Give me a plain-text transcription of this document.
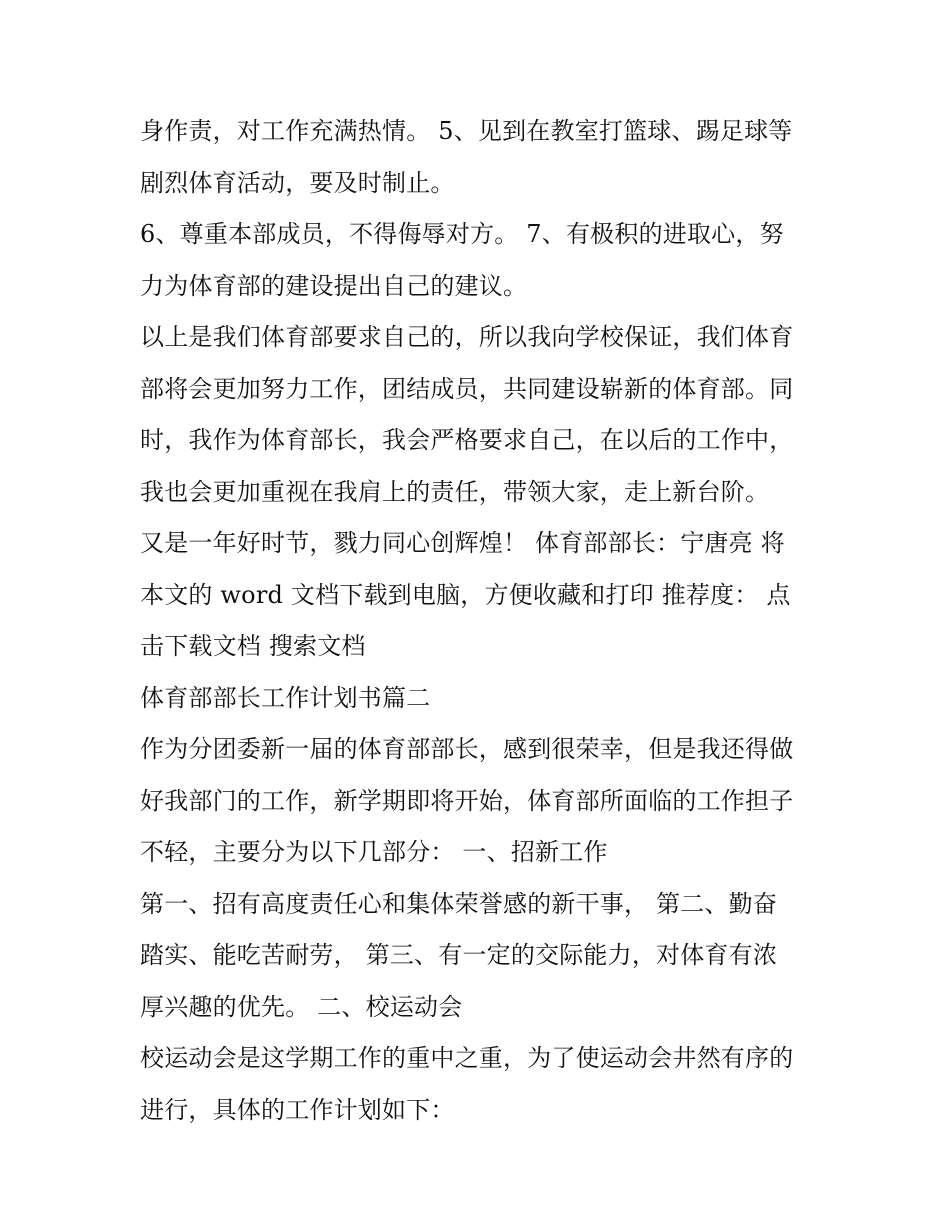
身作责，对工作充满热情。 5、见到在教室打篮球、踢足球等
剧烈体育活动，要及时制止。
6、尊重本部成员，不得侮辱对方。 7、有极积的进取心，努
力为体育部的建设提出自己的建议。
以上是我们体育部要求自己的，所以我向学校保证，我们体育
部将会更加努力工作，团结成员，共同建设崭新的体育部。同
时，我作为体育部长，我会严格要求自己，在以后的工作中，
我也会更加重视在我肩上的责任，带领大家，走上新台阶。
又是一年好时节，戮力同心创辉煌！ 体育部部长：宁唐亮 将
本文的 word 文档下载到电脑，方便收藏和打印 推荐度： 点
击下载文档 搜索文档
体育部部长工作计划书篇二
作为分团委新一届的体育部部长，感到很荣幸，但是我还得做
好我部门的工作，新学期即将开始，体育部所面临的工作担子
不轻，主要分为以下几部分： 一、招新工作
第一、招有高度责任心和集体荣誉感的新干事， 第二、勤奋
踏实、能吃苦耐劳， 第三、有一定的交际能力，对体育有浓
厚兴趣的优先。 二、校运动会
校运动会是这学期工作的重中之重，为了使运动会井然有序的
进行，具体的工作计划如下：
